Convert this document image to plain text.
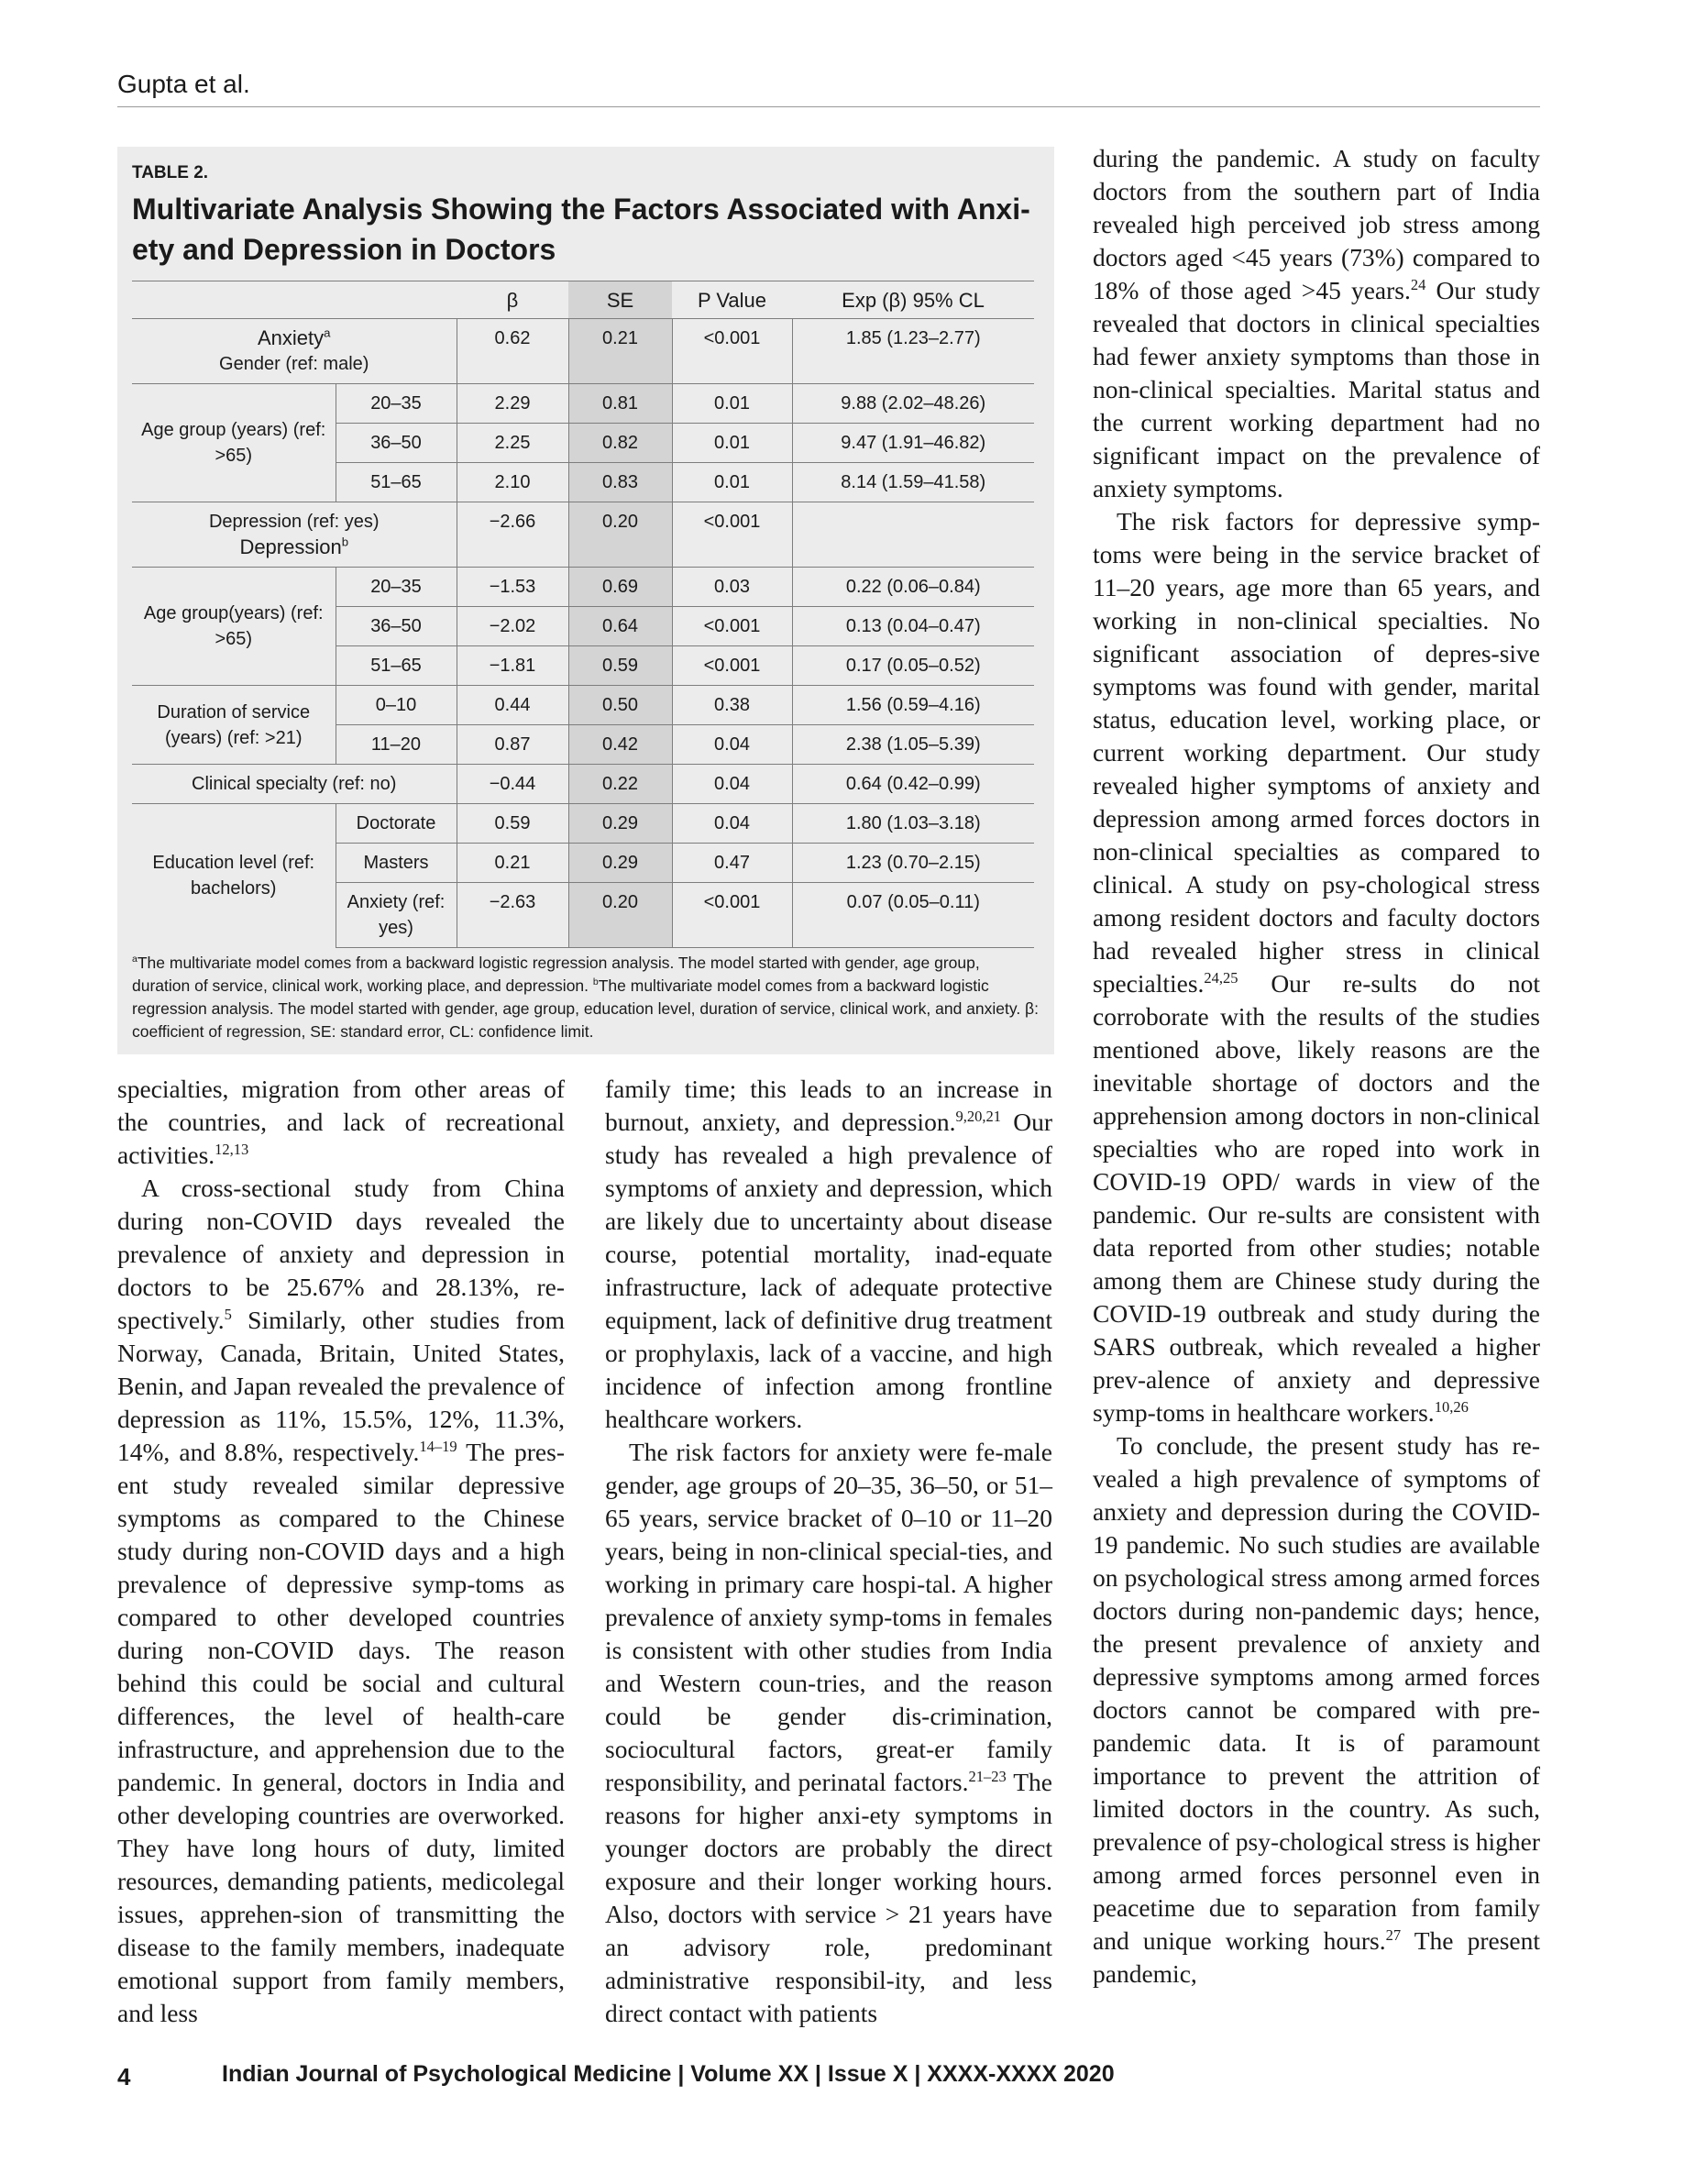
Gupta et al.
TABLE 2.
Multivariate Analysis Showing the Factors Associated with Anxi-ety and Depression in Doctors
		β	SE	P Value	Exp (β) 95% CL

Anxiety$^a$
Gender (ref: male)		0.62	0.21	<0.001	1.85 (1.23–2.77)
Age group (years) (ref: >65)	20–35	2.29	0.81	0.01	9.88 (2.02–48.26)
	36–50	2.25	0.82	0.01	9.47 (1.91–46.82)
	51–65	2.10	0.83	0.01	8.14 (1.59–41.58)

Depression (ref: yes)
Depression$^b$		−2.66	0.20	<0.001	
Age group(years) (ref: >65)	20–35	−1.53	0.69	0.03	0.22 (0.06–0.84)
	36–50	−2.02	0.64	<0.001	0.13 (0.04–0.47)
	51–65	−1.81	0.59	<0.001	0.17 (0.05–0.52)
Duration of service (years) (ref: >21)	0–10	0.44	0.50	0.38	1.56 (0.59–4.16)
	11–20	0.87	0.42	0.04	2.38 (1.05–5.39)
Clinical specialty (ref: no)		−0.44	0.22	0.04	0.64 (0.42–0.99)
Education level (ref: bachelors)	Doctorate	0.59	0.29	0.04	1.80 (1.03–3.18)
	Masters	0.21	0.29	0.47	1.23 (0.70–2.15)
	Anxiety (ref: yes)	−2.63	0.20	<0.001	0.07 (0.05–0.11)
$^a$The multivariate model comes from a backward logistic regression analysis. The model started with gender, age group, duration of service, clinical work, working place, and depression. $^b$The multivariate model comes from a backward logistic regression analysis. The model started with gender, age group, education level, duration of service, clinical work, and anxiety. β: coefficient of regression, SE: standard error, CL: confidence limit.

specialties, migration from other areas of the countries, and lack of recreational activities.$^{12,13}$

A cross-sectional study from China during non-COVID days revealed the prevalence of anxiety and depression in doctors to be 25.67% and 28.13%, re-spectively.$^5$ Similarly, other studies from Norway, Canada, Britain, United States, Benin, and Japan revealed the prevalence of depression as 11%, 15.5%, 12%, 11.3%, 14%, and 8.8%, respectively.$^{14-19}$ The pres-ent study revealed similar depressive symptoms as compared to the Chinese study during non-COVID days and a high prevalence of depressive symp-toms as compared to other developed countries during non-COVID days. The reason behind this could be social and cultural differences, the level of health-care infrastructure, and apprehension due to the pandemic. In general, doctors in India and other developing countries are overworked. They have long hours of duty, limited resources, demanding patients, medicolegal issues, apprehen-sion of transmitting the disease to the family members, inadequate emotional support from family members, and less

family time; this leads to an increase in burnout, anxiety, and depression.$^{9,20,21}$ Our study has revealed a high prevalence of symptoms of anxiety and depression, which are likely due to uncertainty about disease course, potential mortality, inad-equate infrastructure, lack of adequate protective equipment, lack of definitive drug treatment or prophylaxis, lack of a vaccine, and high incidence of infection among frontline healthcare workers.

The risk factors for anxiety were fe-male gender, age groups of 20–35, 36–50, or 51–65 years, service bracket of 0–10 or 11–20 years, being in non-clinical special-ties, and working in primary care hospi-tal. A higher prevalence of anxiety symp-toms in females is consistent with other studies from India and Western coun-tries, and the reason could be gender dis-crimination, sociocultural factors, great-er family responsibility, and perinatal factors.$^{21-23}$ The reasons for higher anxi-ety symptoms in younger doctors are probably the direct exposure and their longer working hours. Also, doctors with service > 21 years have an advisory role, predominant administrative responsibil-ity, and less direct contact with patients

during the pandemic. A study on faculty doctors from the southern part of India revealed high perceived job stress among doctors aged <45 years (73%) compared to 18% of those aged >45 years.$^{24}$ Our study revealed that doctors in clinical specialties had fewer anxiety symptoms than those in non-clinical specialties. Marital status and the current working department had no significant impact on the prevalence of anxiety symptoms.

The risk factors for depressive symp-toms were being in the service bracket of 11–20 years, age more than 65 years, and working in non-clinical specialties. No significant association of depres-sive symptoms was found with gender, marital status, education level, working place, or current working department. Our study revealed higher symptoms of anxiety and depression among armed forces doctors in non-clinical specialties as compared to clinical. A study on psy-chological stress among resident doctors and faculty doctors had revealed higher stress in clinical specialties.$^{24,25}$ Our re-sults do not corroborate with the results of the studies mentioned above, likely reasons are the inevitable shortage of doctors and the apprehension among doctors in non-clinical specialties who are roped into work in COVID-19 OPD/ wards in view of the pandemic. Our re-sults are consistent with data reported from other studies; notable among them are Chinese study during the COVID-19 outbreak and study during the SARS outbreak, which revealed a higher prev-alence of anxiety and depressive symp-toms in healthcare workers.$^{10,26}$

To conclude, the present study has re-vealed a high prevalence of symptoms of anxiety and depression during the COVID-19 pandemic. No such studies are available on psychological stress among armed forces doctors during non-pandemic days; hence, the present prevalence of anxiety and depressive symptoms among armed forces doctors cannot be compared with pre-pandemic data. It is of paramount importance to prevent the attrition of limited doctors in the country. As such, prevalence of psy-chological stress is higher among armed forces personnel even in peacetime due to separation from family and unique working hours.$^{27}$ The present pandemic,

4	Indian Journal of Psychological Medicine | Volume XX | Issue X | XXXX-XXXX 2020
